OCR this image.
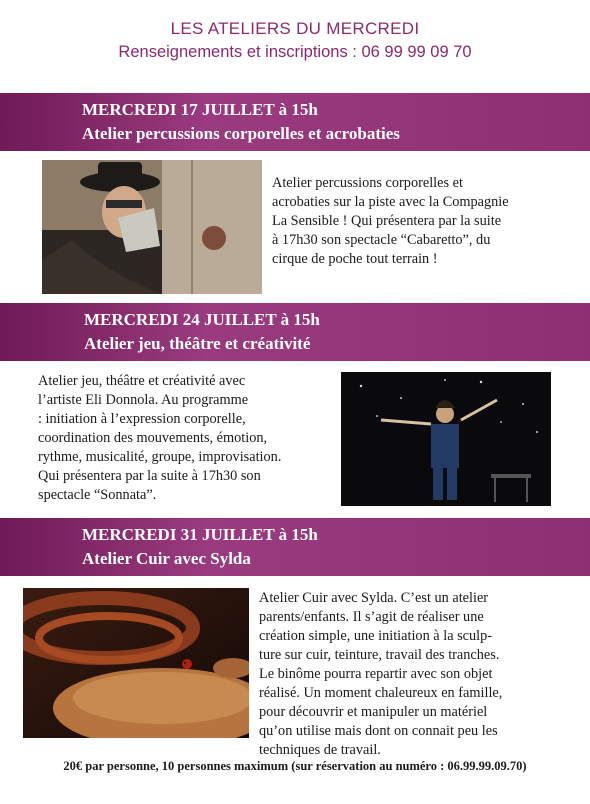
LES ATELIERS DU MERCREDI
Renseignements et inscriptions : 06 99 99 09 70
MERCREDI 17 JUILLET à 15h
Atelier percussions corporelles et acrobaties
Atelier percussions corporelles et
acrobaties sur la piste avec la Compagnie
La Sensible ! Qui présentera par la suite
à 17h30 son spectacle “Cabaretto”, du
cirque de poche tout terrain !
MERCREDI 24 JUILLET à 15h
Atelier jeu, théâtre et créativité
Atelier jeu, théâtre et créativité avec
l’artiste Eli Donnola. Au programme
: initiation à l’expression corporelle,
coordination des mouvements, émotion,
rythme, musicalité, groupe, improvisation.
Qui présentera par la suite à 17h30 son
spectacle “Sonnata”.
MERCREDI 31 JUILLET à 15h
Atelier Cuir avec Sylda
Atelier Cuir avec Sylda. C’est un atelier
parents/enfants. Il s’agit de réaliser une
création simple, une initiation à la sculp-
ture sur cuir, teinture, travail des tranches.
Le binôme pourra repartir avec son objet
réalisé. Un moment chaleureux en famille,
pour découvrir et manipuler un matériel
qu’on utilise mais dont on connait peu les
techniques de travail.
20€ par personne, 10 personnes maximum (sur réservation au numéro : 06.99.99.09.70)
